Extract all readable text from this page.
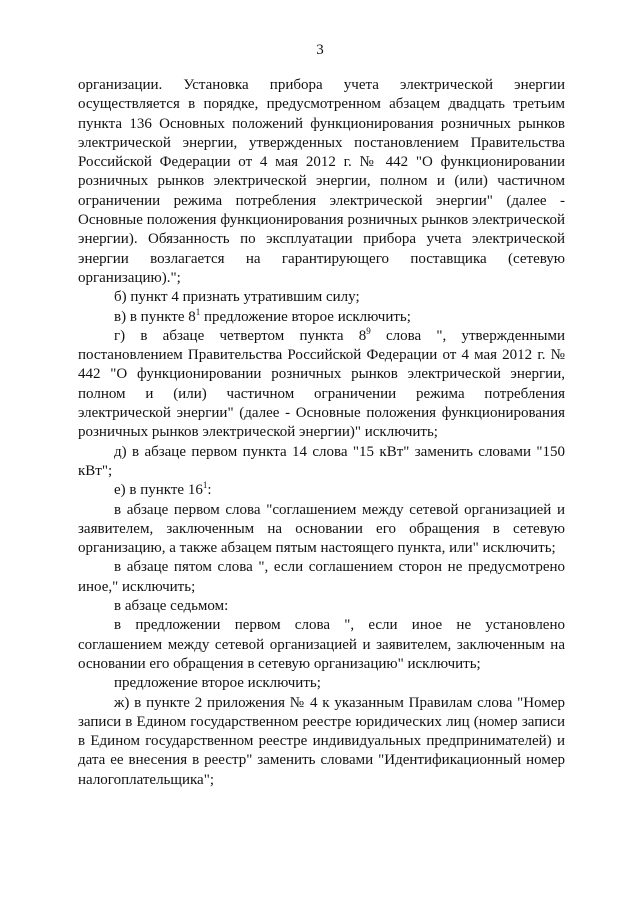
3

организации. Установка прибора учета электрической энергии осуществляется в порядке, предусмотренном абзацем двадцать третьим пункта 136 Основных положений функционирования розничных рынков электрической энергии, утвержденных постановлением Правительства Российской Федерации от 4 мая 2012 г. № 442 "О функционировании розничных рынков электрической энергии, полном и (или) частичном ограничении режима потребления электрической энергии" (далее - Основные положения функционирования розничных рынков электрической энергии). Обязанность по эксплуатации прибора учета электрической энергии возлагается на гарантирующего поставщика (сетевую организацию).";

б) пункт 4 признать утратившим силу;

в) в пункте $8^1$ предложение второе исключить;

г) в абзаце четвертом пункта $8^9$ слова ", утвержденными постановлением Правительства Российской Федерации от 4 мая 2012 г. № 442 "О функционировании розничных рынков электрической энергии, полном и (или) частичном ограничении режима потребления электрической энергии" (далее - Основные положения функционирования розничных рынков электрической энергии)" исключить;

д) в абзаце первом пункта 14 слова "15 кВт" заменить словами "150 кВт";

е) в пункте $16^1$:

в абзаце первом слова "соглашением между сетевой организацией и заявителем, заключенным на основании его обращения в сетевую организацию, а также абзацем пятым настоящего пункта, или" исключить;

в абзаце пятом слова ", если соглашением сторон не предусмотрено иное," исключить;

в абзаце седьмом:

в предложении первом слова ", если иное не установлено соглашением между сетевой организацией и заявителем, заключенным на основании его обращения в сетевую организацию" исключить;

предложение второе исключить;

ж) в пункте 2 приложения № 4 к указанным Правилам слова "Номер записи в Едином государственном реестре юридических лиц (номер записи в Едином государственном реестре индивидуальных предпринимателей) и дата ее внесения в реестр" заменить словами "Идентификационный номер налогоплательщика";
